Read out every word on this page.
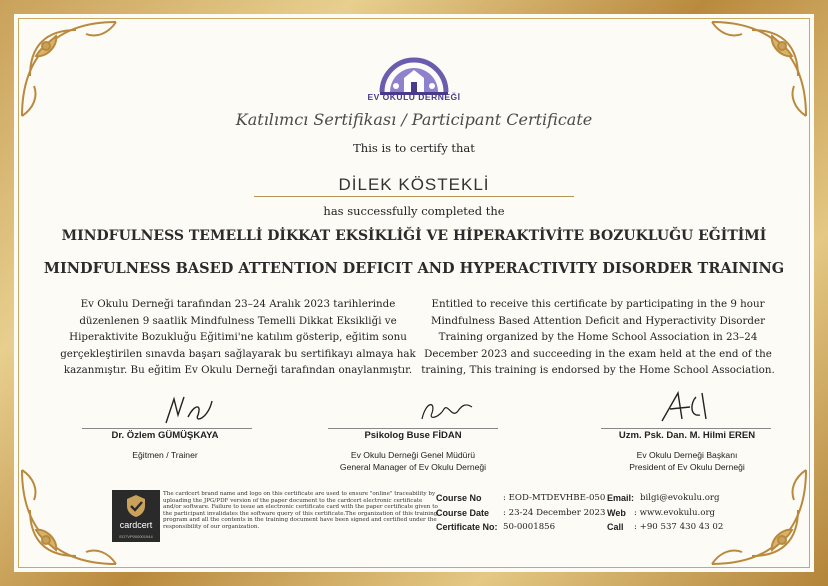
EV OKULU DERNEĞİ
Katılımcı Sertifikası / Participant Certificate
This is to certify that
DİLEK KÖSTEKLİ
has successfully completed the
MINDFULNESS TEMELLİ DİKKAT EKSİKLİĞİ VE HİPERAKTİVİTE BOZUKLUĞU EĞİTİMİ
MINDFULNESS BASED ATTENTION DEFICIT AND HYPERACTIVITY DISORDER TRAINING
Ev Okulu Derneği tarafından 23–24 Aralık 2023 tarihlerinde düzenlenen 9 saatlik Mindfulness Temelli Dikkat Eksikliği ve Hiperaktivite Bozukluğu Eğitimi'ne katılım gösterip, eğitim sonu gerçekleştirilen sınavda başarı sağlayarak bu sertifikayı almaya hak kazanmıştır. Bu eğitim Ev Okulu Derneği tarafından onaylanmıştır.
Entitled to receive this certificate by participating in the 9 hour Mindfulness Based Attention Deficit and Hyperactivity Disorder Training organized by the Home School Association in 23–24 December 2023 and succeeding in the exam held at the end of the training, This training is endorsed by the Home School Association.
Dr. Özlem GÜMÜŞKAYA
Eğitmen / Trainer
Psikolog Buse FİDAN
Ev Okulu Derneği Genel Müdürü
General Manager of Ev Okulu Derneği
Uzm. Psk. Dan. M. Hilmi EREN
Ev Okulu Derneği Başkanı
President of Ev Okulu Derneği
cardcert
EO7VP000001944
The cardcert brand name and logo on this certificate are used to ensure "online" traceability by uploading the JPG/PDF version of the paper document to the cardcert electronic certificate and/or software. Failure to issue an electronic certificate card with the paper certificate given to the participant invalidates the software query of this certificate.The organization of this training program and all the contents in the training document have been signed and certified under the responsibility of our organization.
Course No : EOD-MTDEVHBE-050
Course Date : 23-24 December 2023
Certificate No: 50-0001856
Email: bilgi@evokulu.org
Web : www.evokulu.org
Call : +90 537 430 43 02
